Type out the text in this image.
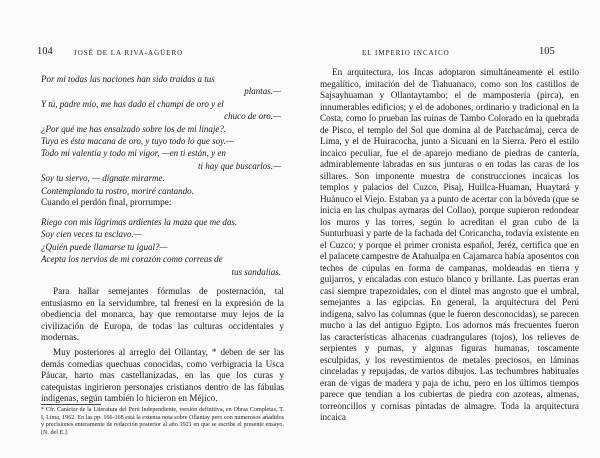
104	JOSÉ DE LA RIVA-AGÜERO

Por mi todas las naciones han sido traídas a tus

plantas.—

Y tú, padre mío, me has dado el champí de oro y el

chuco de oro.—

¿Por qué me has ensalzado sobre los de mi linaje?.

Tuya es ésta macana de oro, y tuyo todo lo que soy.—

Todo mi valentía y todo mi vigor, —en ti están, y en

ti hay que buscarlos.—

Soy tu siervo, — dígnate mirarme.

Contemplando tu rostro, moriré cantando.

Cuando el perdón final, prorrumpe:

Riego con mis lágrimas ardientes la maza que me das.

Soy cien veces tu esclavo.—

¿Quién puede llamarse tu igual?—

Acepta los nervios de mi corazón como correas de

tus sandalias.

Para hallar semejantes fórmulas de posternación, tal entusiasmo en la servidumbre, tal frenesí en la expresión de la obediencia del monarca, hay que remontarse muy lejos de la civilización de Europa, de todas las culturas occidentales y modernas.

Muy posteriores al arreglo del Ollantay, * deben de ser las demás comedias quechuas conocidas, como verbigracia la Usca Páucar, harto mas castellanizadas, en las que los curas y catequistas ingirieron personajes cristianos dentro de las fábulas indígenas, según también lo hicieron en Méjico.

* Cfr. Carácter de la Literatura del Perú Independiente, versión definitiva, en Obras Completas, T. I, Lima, 1962. En las pp. 166-168 está la extensa nota sobre Ollantay pero con numerosos añadidos y precisiones enteramente de redacción posterior al año 1921 en que se escribe el presente ensayo. [N. del E.].
EL IMPERIO INCAICO	105

En arquitectura, los Incas adoptaron simultáneamente el estilo megalítico, imitación del de Tiahuanaco, como son los castillos de Sajsayhuaman y Ollantaytambo; el de mampostería (pirca), en innumerables edificios; y el de adobones, ordinario y tradicional en la Costa, como lo prueban las ruinas de Tambo Colorado en la quebrada de Pisco, el templo del Sol que domina al de Patchacámaj, cerca de Lima, y el de Huiracocha, junto a Sicuani en la Sierra. Pero el estilo incaico peculiar, fue el de aparejo mediano de piedras de cantería, admirablemente labradas en sus junturas o en todas las caras de los sillares. Son imponente muestra de construcciones incaicas los templos y palacios del Cuzco, Pisaj, Huillca-Huaman, Huaytará y Huánuco el Viejo. Estaban ya a punto de acertar con la bóveda (que se inicia en las chulpas aymaras del Collao), porque supieron redondear los muros y las torres, según lo acreditan el gran cubo de la Sunturhuasi y parte de la fachada del Coricancha, todavía existente en el Cuzco; y porque el primer cronista español, Jeréz, certifica que en el palacete campestre de Atahualpa en Cajamarca había aposentos con techos de cúpulas en forma de campanas, moldeadas en tierra y guijarros, y encaladas con estuco blanco y brillante. Las puertas eran casi siempre trapezoidales, con el dintel mas angosto que el umbral, semejantes a las egipcias. En general, la arquitectura del Perú indígena, salvo las columnas (que le fueron desconocidas), se parecen mucho a las del antiguo Egipto. Los adornos más frecuentes fueron las características alhacenas cuadrangulares (tojos), los relieves de serpientes y pumas, y algunas figuras humanas, toscamente esculpidas, y los revestimientos de metales preciosos, en láminas cinceladas y repujadas, de varios dibujos. Las techumbres habituales eran de vigas de madera y paja de ichu, pero en los últimos tiempos parece que tendían a los cubiertas de piedra con azoteas, almenas, torreoncillos y cornisas pintadas de almagre. Toda la arquitectura incaica
